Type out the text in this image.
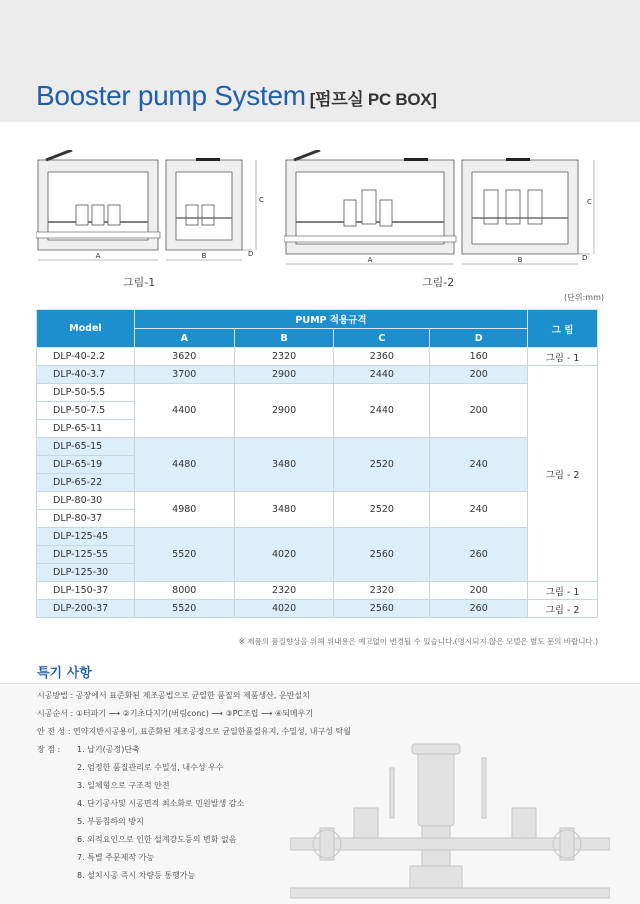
Booster pump System [펌프실 PC BOX]
A	B
C
D
A	B
C
D
그림-1	그림-2
(단위:mm)
Model	PUMP 적용규격				그 림
	A	B	C	D	
DLP-40-2.2	3620	2320	2360	160	그림 - 1
DLP-40-3.7	3700	2900	2440	200	그림 - 2
DLP-50-5.5	4400	2900	2440	200	
DLP-50-7.5					
DLP-65-11					
DLP-65-15	4480	3480	2520	240	
DLP-65-19					
DLP-65-22					
DLP-80-30	4980	3480	2520	240	
DLP-80-37					
DLP-125-45	5520	4020	2560	260	
DLP-125-55					
DLP-125-30					
DLP-150-37	8000	2320	2320	200	그림 - 1
DLP-200-37	5520	4020	2560	260	그림 - 2
※ 제품의 품질향상을 위해 위내용은 예고없이 변경될 수 있습니다.(명시되지 않은 모델은 별도 문의 바랍니다.)
특기 사항
시공방법 : 공장에서 표준화된 제조공법으로 균일한 품질의 제품생산, 운반설치
시공순서 : ①터파기 ⟶ ②기초다지기(버림conc) ⟶ ③PC조립 ⟶ ④되메우기
안 전 성 : 연약지반시공용이, 표준화된 제조공정으로 균일한품질유지, 수밀성, 내구성 탁월
장 점 : 1. 납기(공정)단축
2. 엄정한 품질관리로 수밀성, 내수성 우수
3. 일체형으로 구조적 안전
4. 단기공사및 시공면적 최소화로 민원발생 감소
5. 부동침하의 방지
6. 외적요인으로 인한 설계강도등의 변화 없음
7. 특별 주문제작 가능
8. 설치시공 즉시 차량등 통행가능
